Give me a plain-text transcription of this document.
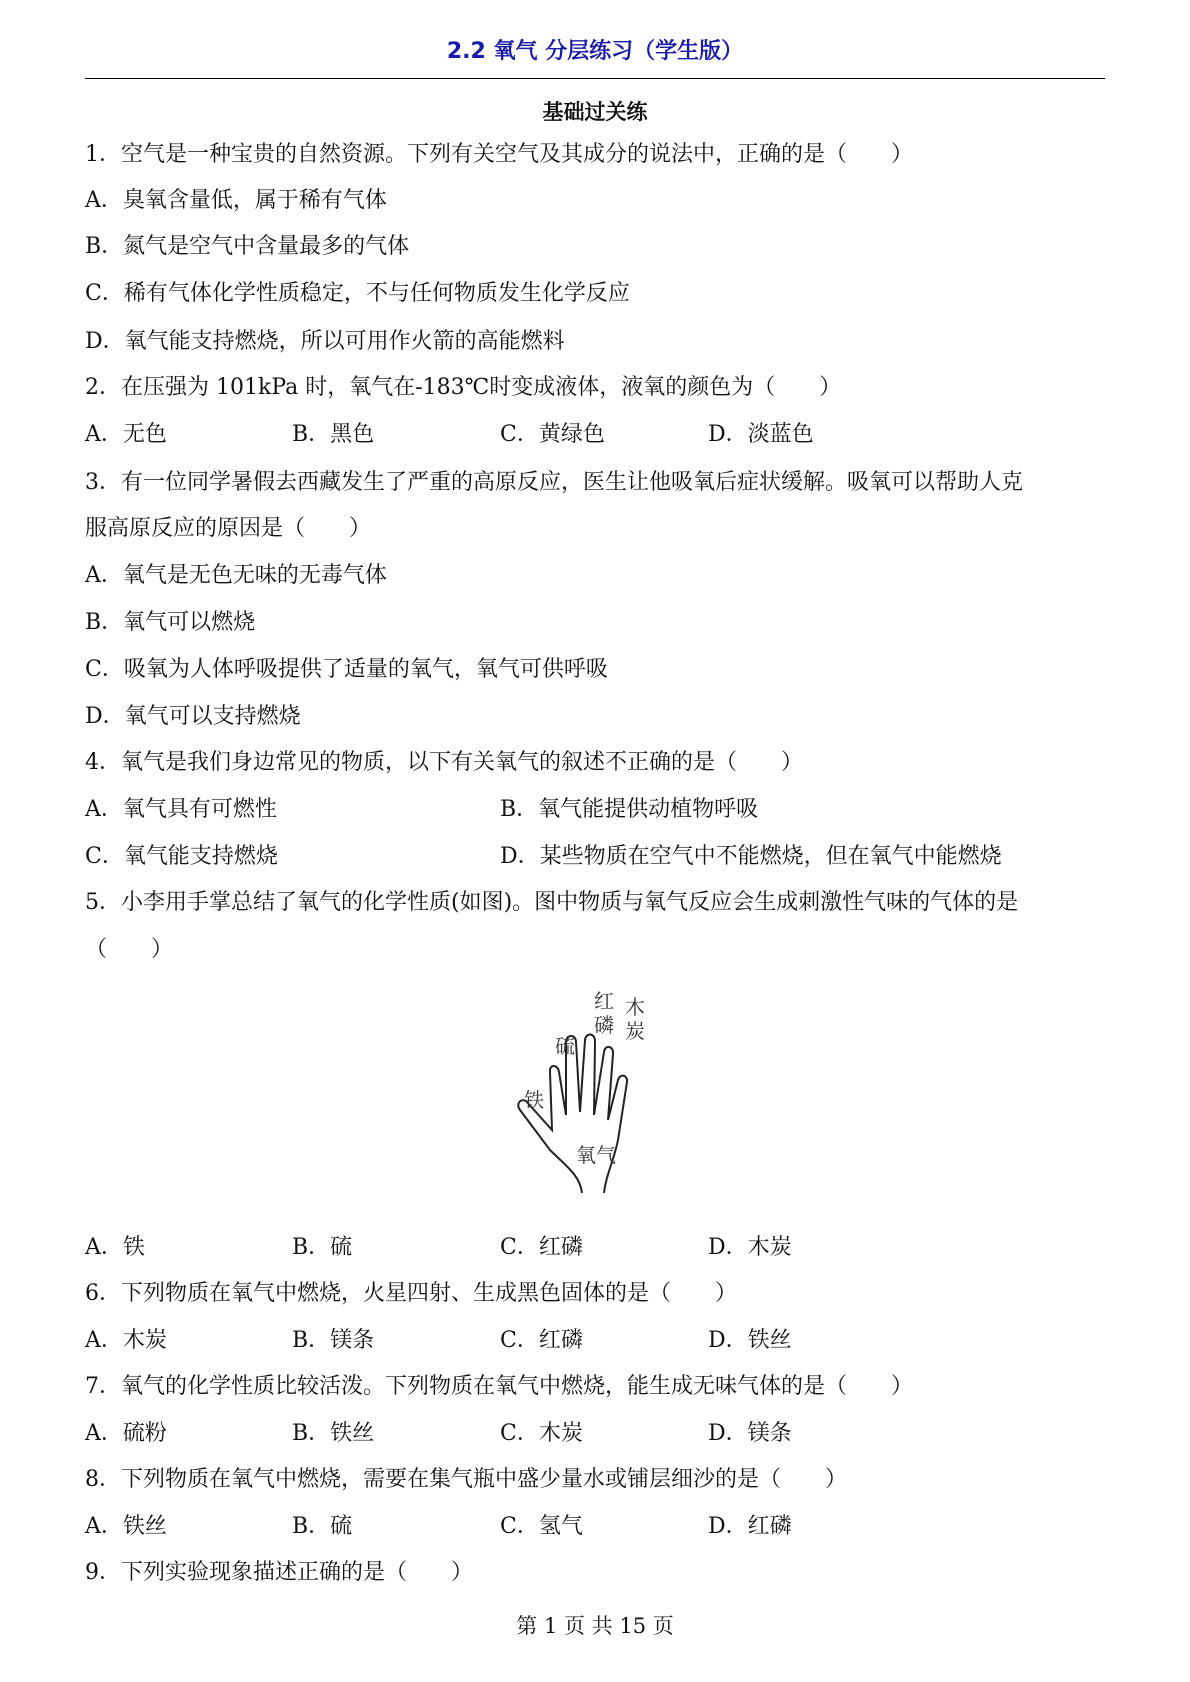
2.2 氧气 分层练习（学生版）
基础过关练
1．空气是一种宝贵的自然资源。下列有关空气及其成分的说法中，正确的是（　　）
A．臭氧含量低，属于稀有气体
B．氮气是空气中含量最多的气体
C．稀有气体化学性质稳定，不与任何物质发生化学反应
D．氧气能支持燃烧，所以可用作火箭的高能燃料
2．在压强为 101kPa 时，氧气在-183℃时变成液体，液氧的颜色为（　　）
A．无色	B．黑色	C．黄绿色	D．淡蓝色
3．有一位同学暑假去西藏发生了严重的高原反应，医生让他吸氧后症状缓解。吸氧可以帮助人克
服高原反应的原因是（　　）
A．氧气是无色无味的无毒气体
B．氧气可以燃烧
C．吸氧为人体呼吸提供了适量的氧气，氧气可供呼吸
D．氧气可以支持燃烧
4．氧气是我们身边常见的物质，以下有关氧气的叙述不正确的是（　　）
A．氧气具有可燃性	B．氧气能提供动植物呼吸
C．氧气能支持燃烧	D．某些物质在空气中不能燃烧，但在氧气中能燃烧
5．小李用手掌总结了氧气的化学性质(如图)。图中物质与氧气反应会生成刺激性气味的气体的是
（　　）
铁
硫
红
磷
木
炭
氧气
A．铁	B．硫	C．红磷	D．木炭
6．下列物质在氧气中燃烧，火星四射、生成黑色固体的是（　　）
A．木炭	B．镁条	C．红磷	D．铁丝
7．氧气的化学性质比较活泼。下列物质在氧气中燃烧，能生成无味气体的是（　　）
A．硫粉	B．铁丝	C．木炭	D．镁条
8．下列物质在氧气中燃烧，需要在集气瓶中盛少量水或铺层细沙的是（　　）
A．铁丝	B．硫	C．氢气	D．红磷
9．下列实验现象描述正确的是（　　）
第 1 页 共 15 页
